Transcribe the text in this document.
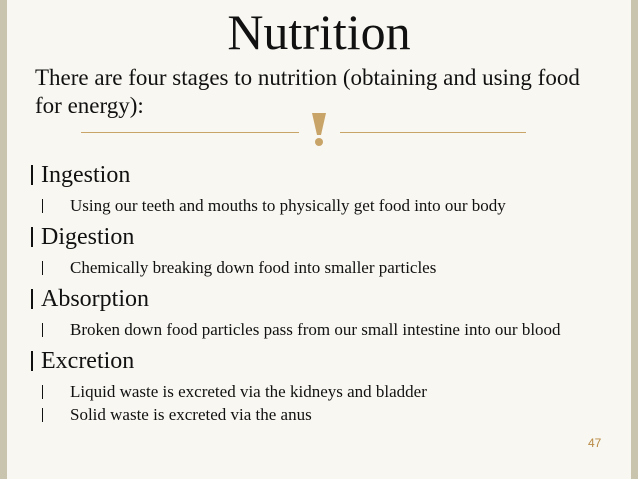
Nutrition
There are four stages to nutrition (obtaining and using food for energy):
Ingestion
Using our teeth and mouths to physically get food into our body
Digestion
Chemically breaking down food into smaller particles
Absorption
Broken down food particles pass from our small intestine into our blood
Excretion
Liquid waste is excreted via the kidneys and bladder
Solid waste is excreted via the anus
47
